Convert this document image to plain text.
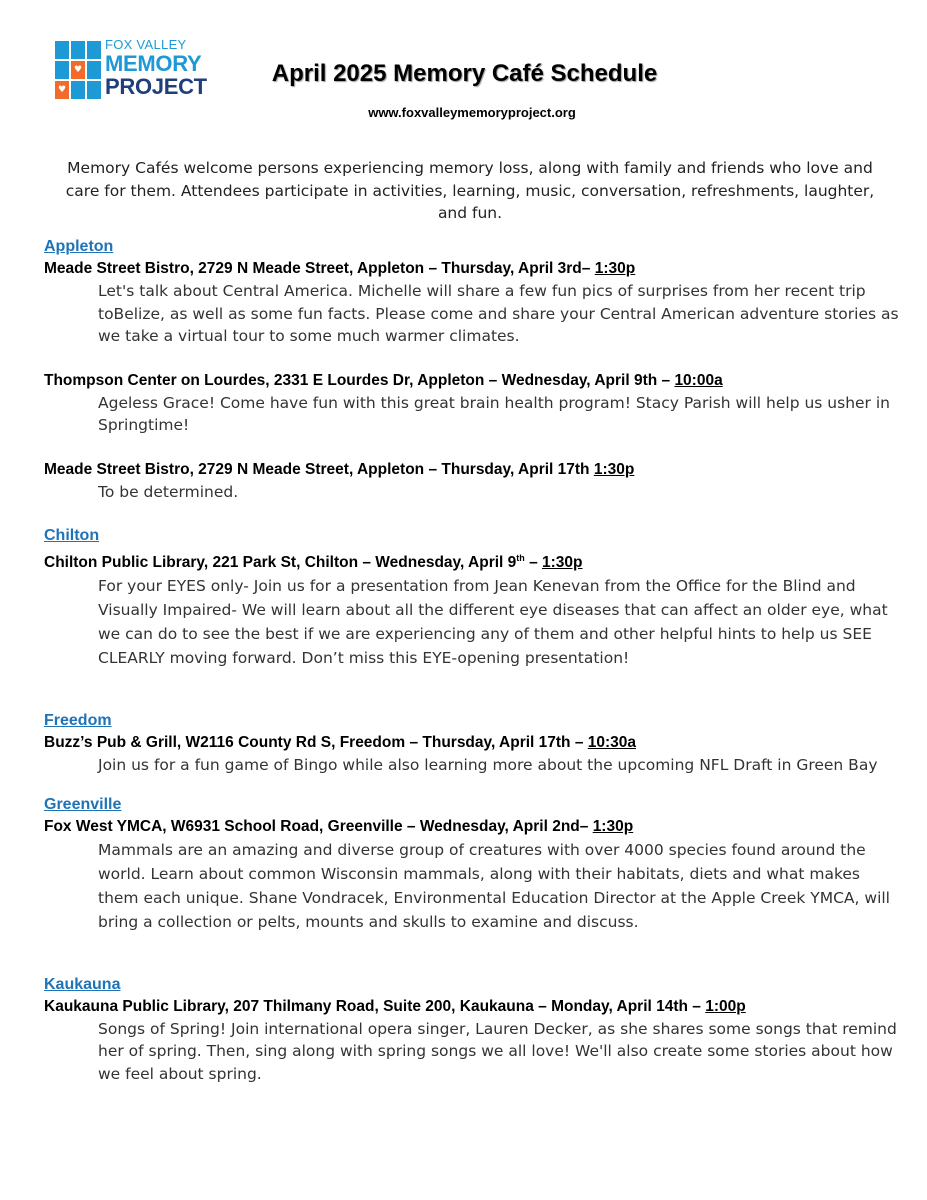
♥
♥
FOX VALLEY
MEMORY
PROJECT	April 2025 Memory Café Schedule
www.foxvalleymemoryproject.org
Memory Cafés welcome persons experiencing memory loss, along with family and friends who love and care for them. Attendees participate in activities, learning, music, conversation, refreshments, laughter, and fun.
Appleton
Meade Street Bistro, 2729 N Meade Street, Appleton – Thursday, April 3rd– 1:30p
Let's talk about Central America. Michelle will share a few fun pics of surprises from her recent trip toBelize, as well as some fun facts. Please come and share your Central American adventure stories as we take a virtual tour to some much warmer climates.
Thompson Center on Lourdes, 2331 E Lourdes Dr, Appleton – Wednesday, April 9th – 10:00a
Ageless Grace! Come have fun with this great brain health program! Stacy Parish will help us usher in Springtime!
Meade Street Bistro, 2729 N Meade Street, Appleton – Thursday, April 17th 1:30p
To be determined.
Chilton
Chilton Public Library, 221 Park St, Chilton – Wednesday, April 9th – 1:30p
For your EYES only- Join us for a presentation from Jean Kenevan from the Office for the Blind and Visually Impaired- We will learn about all the different eye diseases that can affect an older eye, what we can do to see the best if we are experiencing any of them and other helpful hints to help us SEE CLEARLY moving forward. Don’t miss this EYE-opening presentation!
Freedom
Buzz’s Pub & Grill, W2116 County Rd S, Freedom – Thursday, April 17th – 10:30a
Join us for a fun game of Bingo while also learning more about the upcoming NFL Draft in Green Bay
Greenville
Fox West YMCA, W6931 School Road, Greenville – Wednesday, April 2nd– 1:30p
Mammals are an amazing and diverse group of creatures with over 4000 species found around the world. Learn about common Wisconsin mammals, along with their habitats, diets and what makes them each unique. Shane Vondracek, Environmental Education Director at the Apple Creek YMCA, will bring a collection or pelts, mounts and skulls to examine and discuss.
Kaukauna
Kaukauna Public Library, 207 Thilmany Road, Suite 200, Kaukauna – Monday, April 14th – 1:00p
Songs of Spring! Join international opera singer, Lauren Decker, as she shares some songs that remind her of spring. Then, sing along with spring songs we all love! We'll also create some stories about how we feel about spring.
